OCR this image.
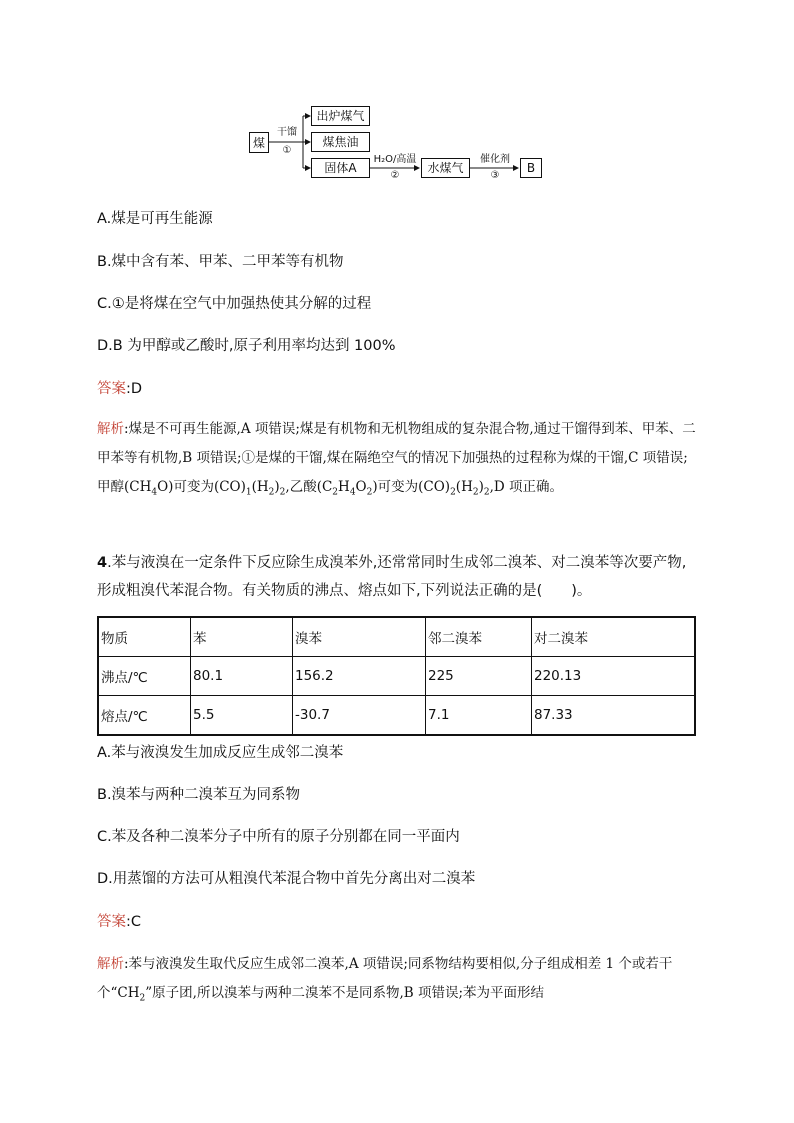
煤
干馏
①
出炉煤气
煤焦油
固体A
H₂O/高温
②
水煤气
催化剂
③
B
A.煤是可再生能源
B.煤中含有苯、甲苯、二甲苯等有机物
C.①是将煤在空气中加强热使其分解的过程
D.B 为甲醇或乙酸时,原子利用率均达到 100%
答案:D
解析:煤是不可再生能源,A 项错误;煤是有机物和无机物组成的复杂混合物,通过干馏得到苯、甲苯、二甲苯等有机物,B 项错误;①是煤的干馏,煤在隔绝空气的情况下加强热的过程称为煤的干馏,C 项错误;甲醇$(CH_4O)$可变为$(CO)_1(H_2)_2$,乙酸$(C_2H_4O_2)$可变为$(CO)_2(H_2)_2,D$ 项正确。
4.苯与液溴在一定条件下反应除生成溴苯外,还常常同时生成邻二溴苯、对二溴苯等次要产物,形成粗溴代苯混合物。有关物质的沸点、熔点如下,下列说法正确的是(　　)。
物质	苯	溴苯	邻二溴苯	对二溴苯
沸点/℃	80.1	156.2	225	220.13
熔点/℃	5.5	-30.7	7.1	87.33
A.苯与液溴发生加成反应生成邻二溴苯
B.溴苯与两种二溴苯互为同系物
C.苯及各种二溴苯分子中所有的原子分别都在同一平面内
D.用蒸馏的方法可从粗溴代苯混合物中首先分离出对二溴苯
答案:C
解析:苯与液溴发生取代反应生成邻二溴苯,A 项错误;同系物结构要相似,分子组成相差 1 个或若干个“$CH_2$”原子团,所以溴苯与两种二溴苯不是同系物,B 项错误;苯为平面形结
